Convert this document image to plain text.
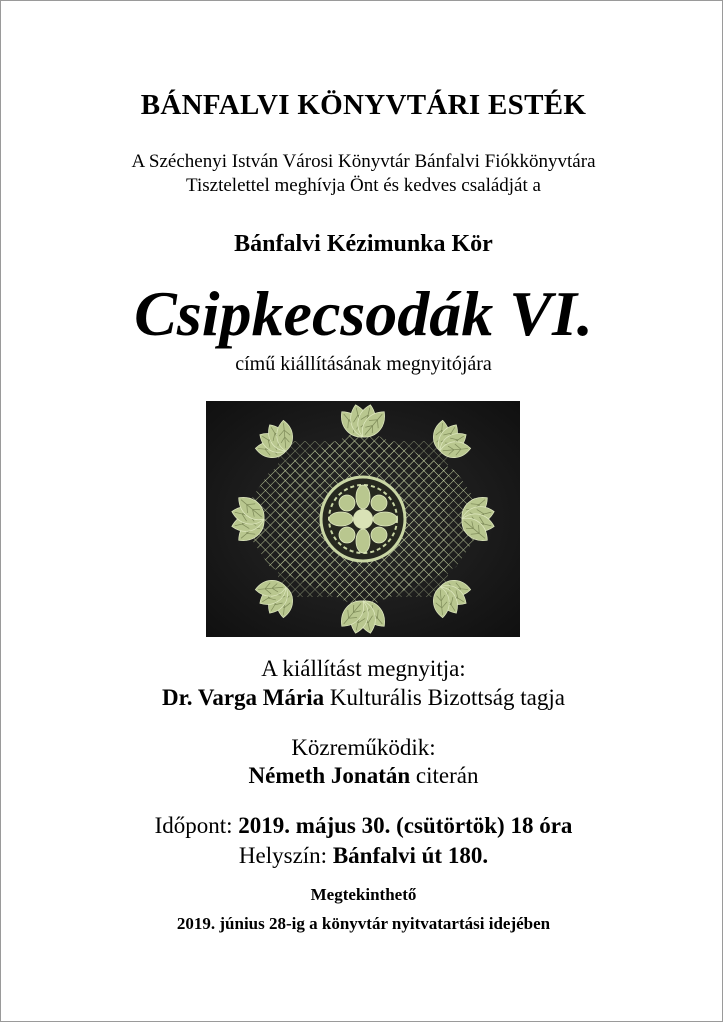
BÁNFALVI KÖNYVTÁRI ESTÉK
A Széchenyi István Városi Könyvtár Bánfalvi Fiókkönyvtára
Tisztelettel meghívja Önt és kedves családját a
Bánfalvi Kézimunka Kör
Csipkecsodák VI.
című kiállításának megnyitójára
A kiállítást megnyitja:
Dr. Varga Mária Kulturális Bizottság tagja
Közreműködik:
Németh Jonatán citerán
Időpont: 2019. május 30. (csütörtök) 18 óra
Helyszín: Bánfalvi út 180.
Megtekinthető
2019. június 28-ig a könyvtár nyitvatartási idejében
